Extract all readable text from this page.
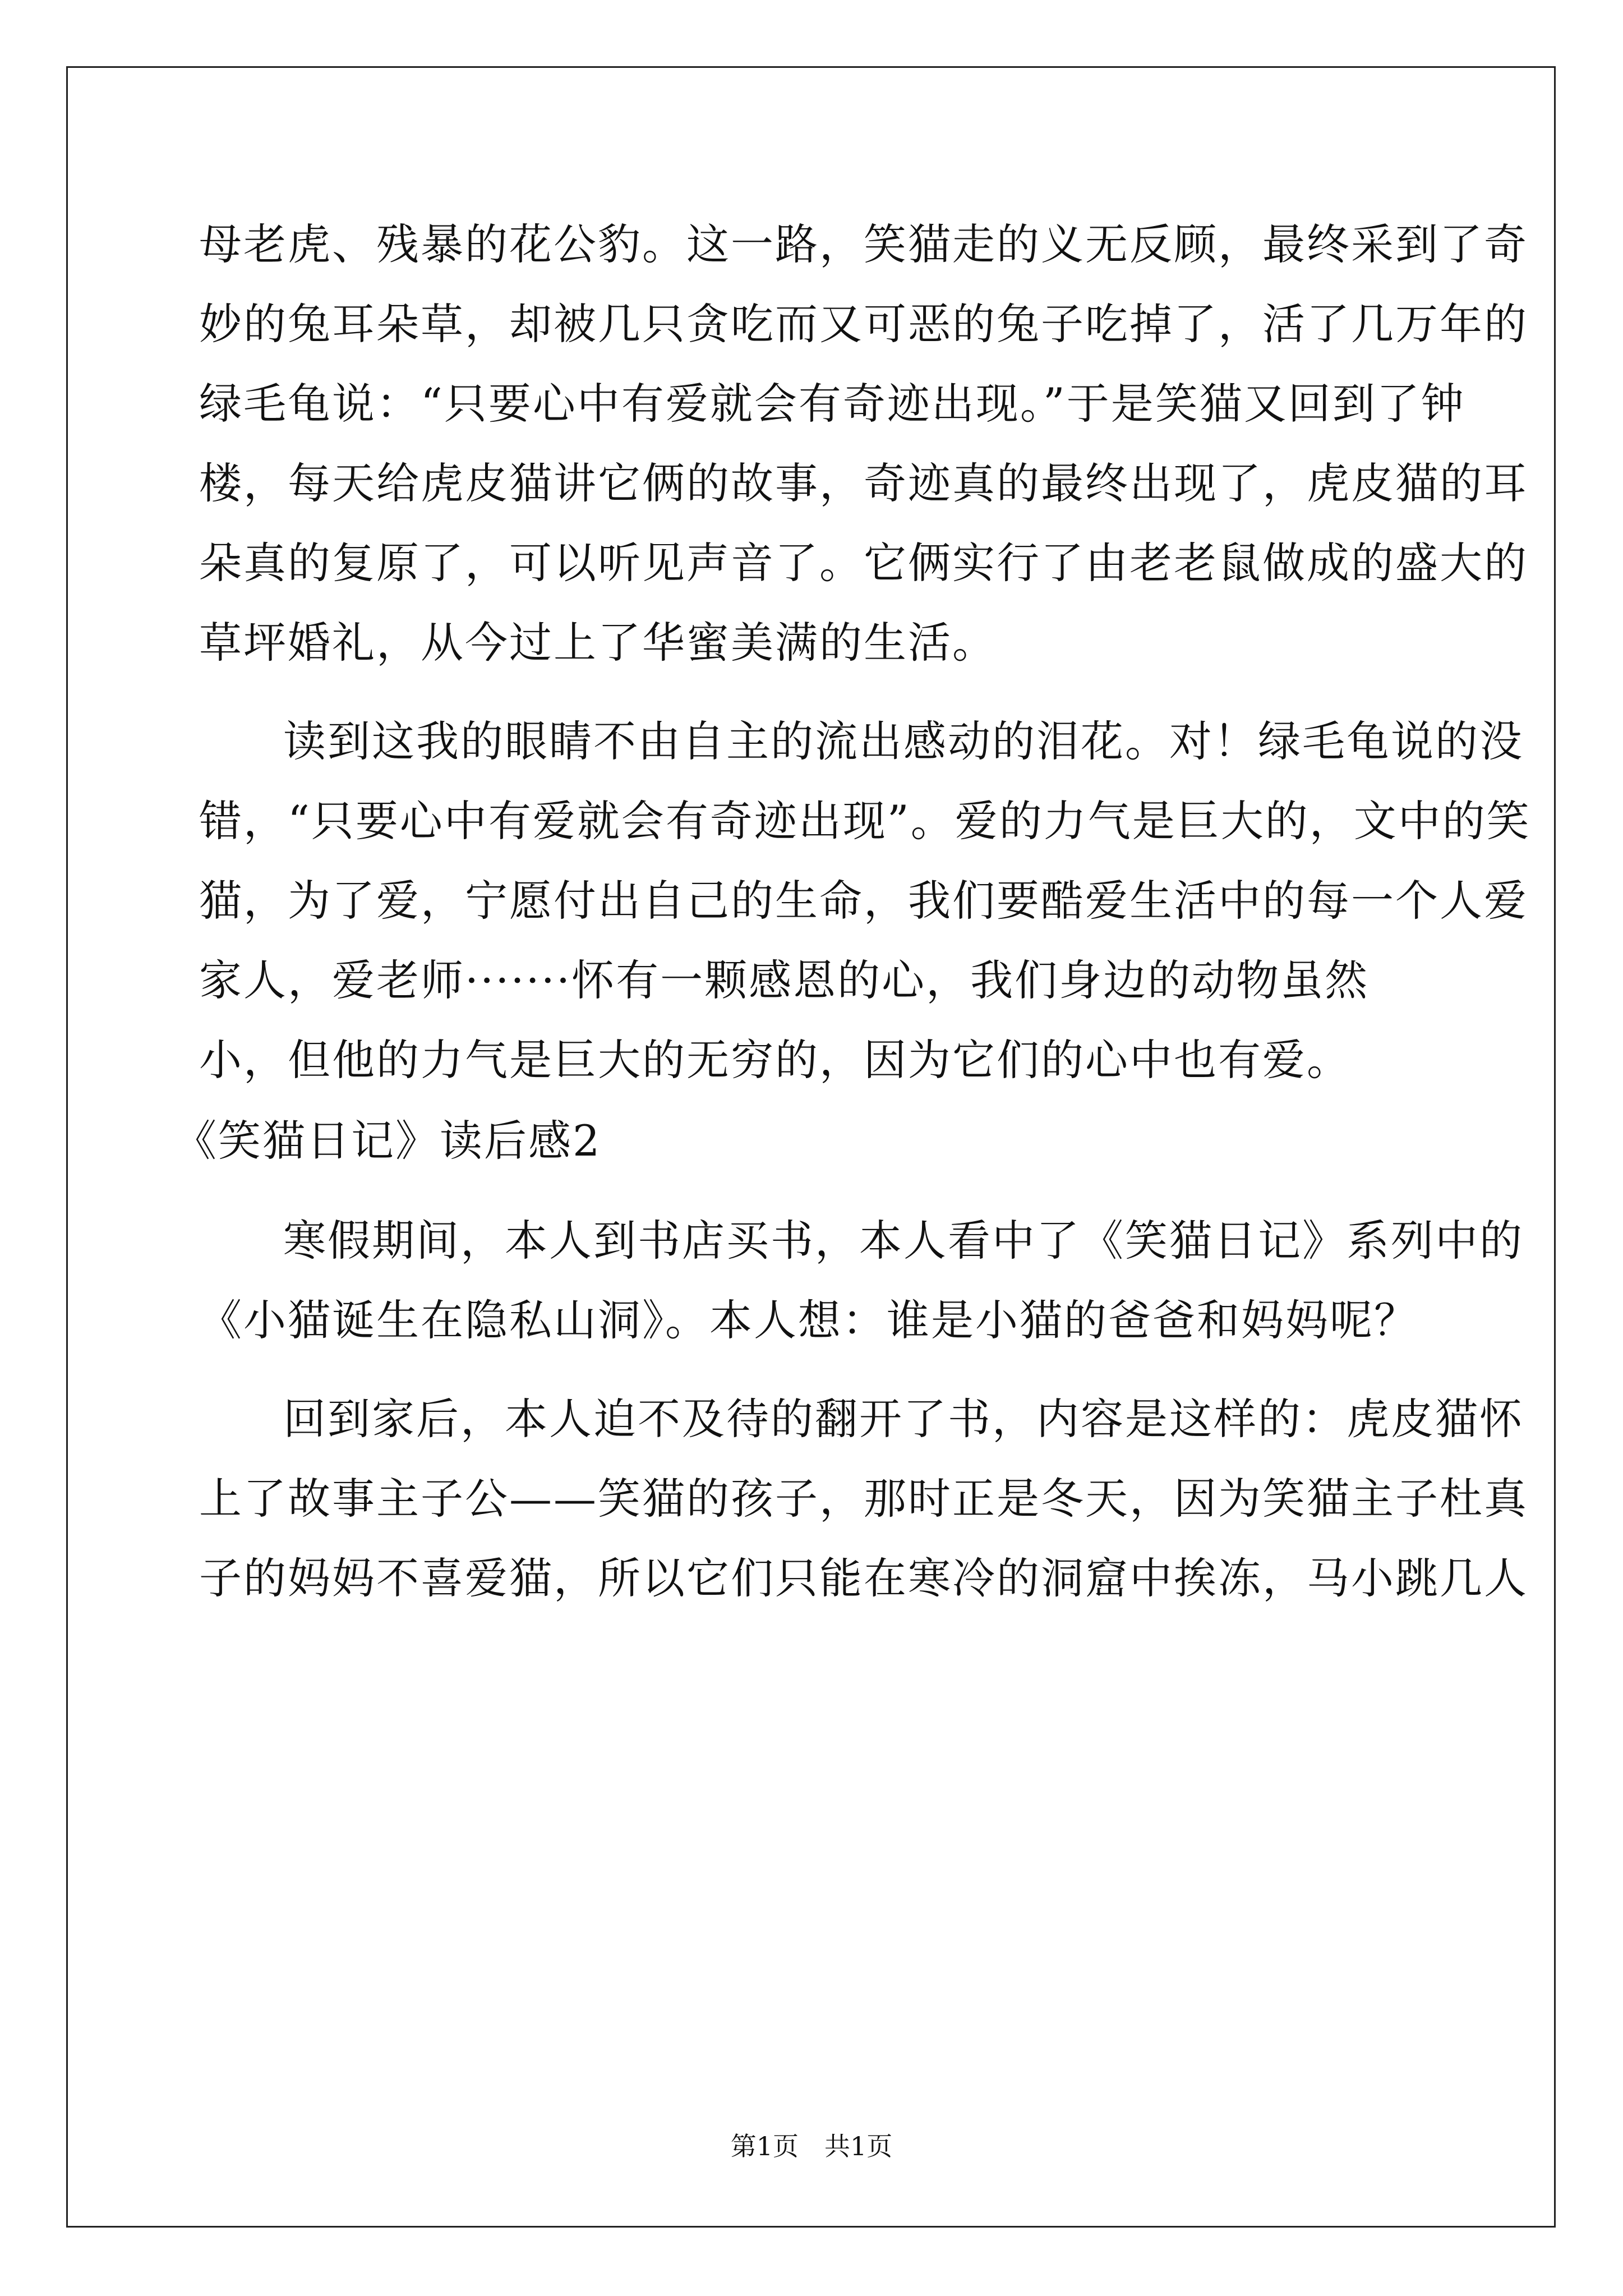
母老虎、残暴的花公豹。这一路，笑猫走的义无反顾，最终采到了奇
妙的兔耳朵草，却被几只贪吃而又可恶的兔子吃掉了，活了几万年的
绿毛龟说：“只要心中有爱就会有奇迹出现。”于是笑猫又回到了钟
楼，每天给虎皮猫讲它俩的故事，奇迹真的最终出现了，虎皮猫的耳
朵真的复原了，可以听见声音了。它俩实行了由老老鼠做成的盛大的
草坪婚礼，从今过上了华蜜美满的生活。
读到这我的眼睛不由自主的流出感动的泪花。对！绿毛龟说的没
错，“只要心中有爱就会有奇迹出现”。爱的力气是巨大的，文中的笑
猫，为了爱，宁愿付出自己的生命，我们要酷爱生活中的每一个人爱
家人，爱老师·······怀有一颗感恩的心，我们身边的动物虽然
小，但他的力气是巨大的无穷的，因为它们的心中也有爱。
《笑猫日记》读后感2
寒假期间，本人到书店买书，本人看中了《笑猫日记》系列中的
《小猫诞生在隐私山洞》。本人想：谁是小猫的爸爸和妈妈呢？
回到家后，本人迫不及待的翻开了书，内容是这样的：虎皮猫怀
上了故事主子公——笑猫的孩子，那时正是冬天，因为笑猫主子杜真
子的妈妈不喜爱猫，所以它们只能在寒冷的洞窟中挨冻，马小跳几人
第1页　共1页
